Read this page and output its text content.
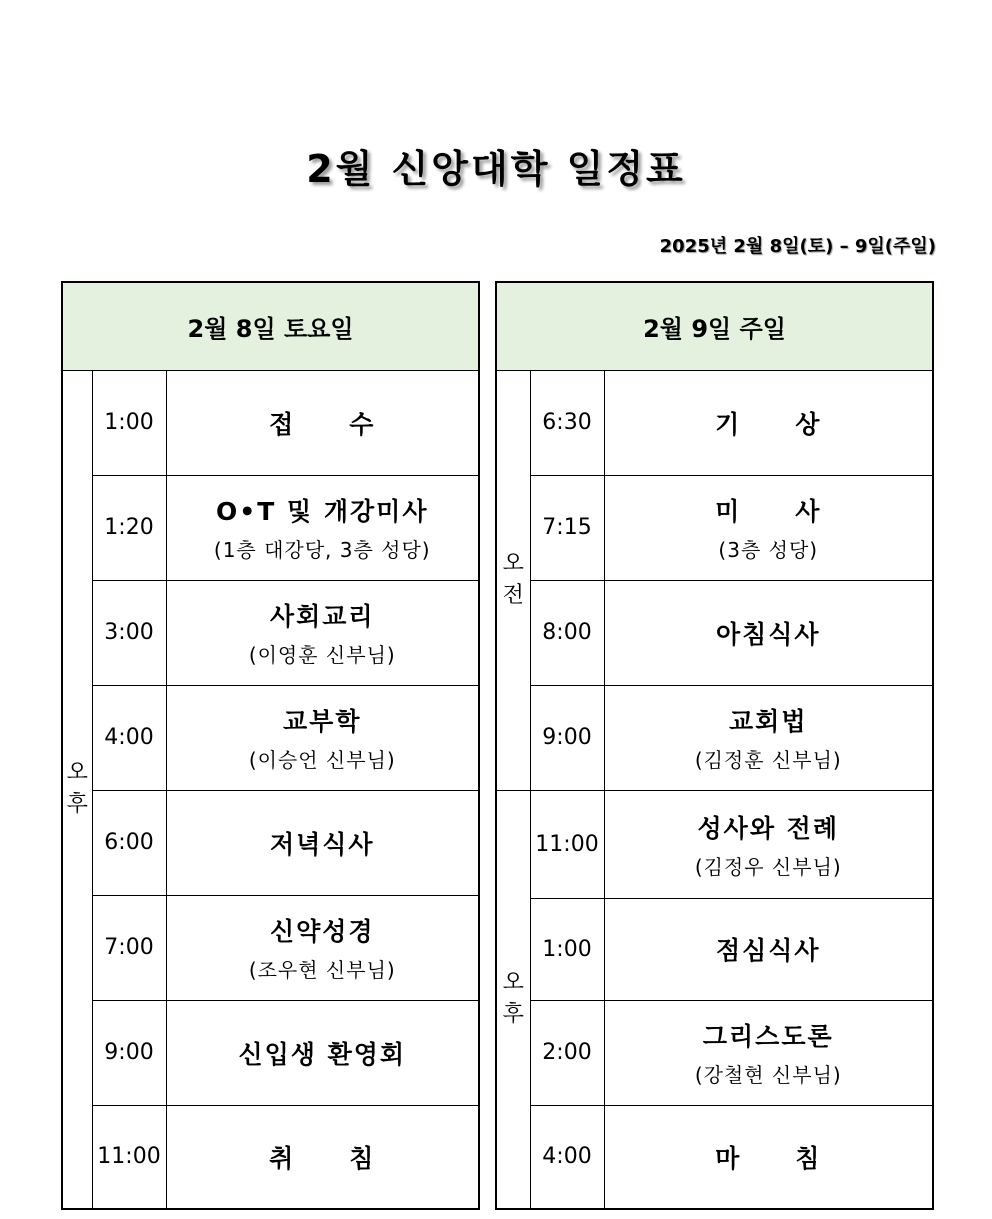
2월 신앙대학 일정표
2025년 2월 8일(토) – 9일(주일)
2월 8일 토요일		

오
후	1:00	접　　수

	1:20	O•T 및 개강미사
(1층 대강당, 3층 성당)

	3:00	사회교리
(이영훈 신부님)

	4:00	교부학
(이승언 신부님)

	6:00	저녁식사

	7:00	신약성경
(조우현 신부님)

	9:00	신입생 환영회

	11:00	취　　침
2월 9일 주일		

오
전	6:30	기　　상

	7:15	미　　사
(3층 성당)

	8:00	아침식사

	9:00	교회법
(김정훈 신부님)

오
후	11:00	성사와 전례
(김정우 신부님)

	1:00	점심식사

	2:00	그리스도론
(강철현 신부님)

	4:00	마　　침
